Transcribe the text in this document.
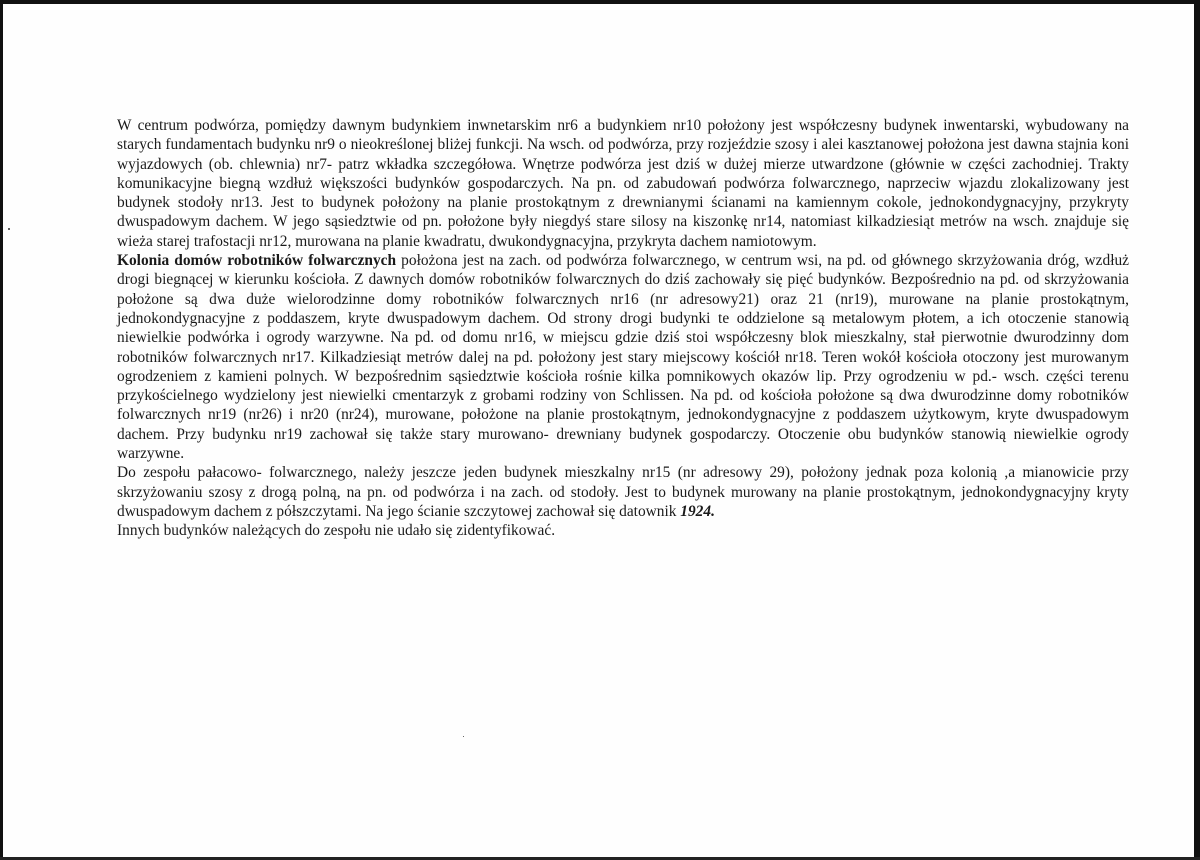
W centrum podwórza, pomiędzy dawnym budynkiem inwnetarskim nr6 a budynkiem nr10 położony jest współczesny budynek inwentarski, wybudowany na starych fundamentach budynku nr9 o nieokreślonej bliżej funkcji. Na wsch. od podwórza, przy rozjeździe szosy i alei kasztanowej położona jest dawna stajnia koni wyjazdowych (ob. chlewnia) nr7- patrz wkładka szczegółowa. Wnętrze podwórza jest dziś w dużej mierze utwardzone (głównie w części zachodniej. Trakty komunikacyjne biegną wzdłuż większości budynków gospodarczych. Na pn. od zabudowań podwórza folwarcznego, naprzeciw wjazdu zlokalizowany jest budynek stodoły nr13. Jest to budynek położony na planie prostokątnym z drewnianymi ścianami na kamiennym cokole, jednokondygnacyjny, przykryty dwuspadowym dachem. W jego sąsiedztwie od pn. położone były niegdyś stare silosy na kiszonkę nr14, natomiast kilkadziesiąt metrów na wsch. znajduje się wieża starej trafostacji nr12, murowana na planie kwadratu, dwukondygnacyjna, przykryta dachem namiotowym.

Kolonia domów robotników folwarcznych położona jest na zach. od podwórza folwarcznego, w centrum wsi, na pd. od głównego skrzyżowania dróg, wzdłuż drogi biegnącej w kierunku kościoła. Z dawnych domów robotników folwarcznych do dziś zachowały się pięć budynków. Bezpośrednio na pd. od skrzyżowania położone są dwa duże wielorodzinne domy robotników folwarcznych nr16 (nr adresowy21) oraz 21 (nr19), murowane na planie prostokątnym, jednokondygnacyjne z poddaszem, kryte dwuspadowym dachem. Od strony drogi budynki te oddzielone są metalowym płotem, a ich otoczenie stanowią niewielkie podwórka i ogrody warzywne. Na pd. od domu nr16, w miejscu gdzie dziś stoi współczesny blok mieszkalny, stał pierwotnie dwurodzinny dom robotników folwarcznych nr17. Kilkadziesiąt metrów dalej na pd. położony jest stary miejscowy kościół nr18. Teren wokół kościoła otoczony jest murowanym ogrodzeniem z kamieni polnych. W bezpośrednim sąsiedztwie kościoła rośnie kilka pomnikowych okazów lip. Przy ogrodzeniu w pd.- wsch. części terenu przykościelnego wydzielony jest niewielki cmentarzyk z grobami rodziny von Schlissen. Na pd. od kościoła położone są dwa dwurodzinne domy robotników folwarcznych nr19 (nr26) i nr20 (nr24), murowane, położone na planie prostokątnym, jednokondygnacyjne z poddaszem użytkowym, kryte dwuspadowym dachem. Przy budynku nr19 zachował się także stary murowano- drewniany budynek gospodarczy. Otoczenie obu budynków stanowią niewielkie ogrody warzywne.

Do zespołu pałacowo- folwarcznego, należy jeszcze jeden budynek mieszkalny nr15 (nr adresowy 29), położony jednak poza kolonią ,a mianowicie przy skrzyżowaniu szosy z drogą polną, na pn. od podwórza i na zach. od stodoły. Jest to budynek murowany na planie prostokątnym, jednokondygnacyjny kryty dwuspadowym dachem z półszczytami. Na jego ścianie szczytowej zachował się datownik 1924.

Innych budynków należących do zespołu nie udało się zidentyfikować.
